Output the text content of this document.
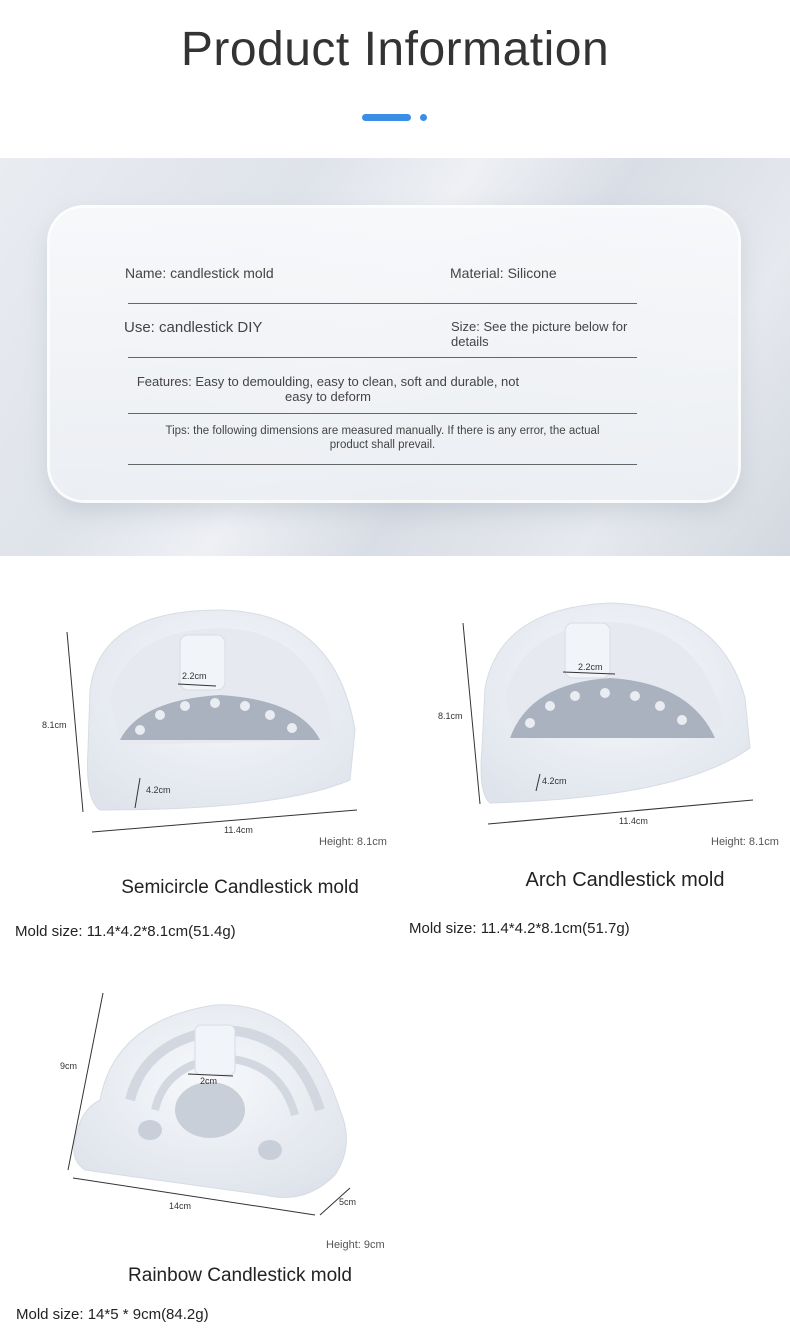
Product Information
Name: candlestick mold	Material: Silicone
Use: candlestick DIY	Size: See the picture below for
details
Features: Easy to demoulding, easy to clean, soft and durable, not
easy to deform
Tips: the following dimensions are measured manually. If there is any error, the actual
product shall prevail.
2.2cm
4.2cm
8.1cm
11.4cm
Height: 8.1cm
Semicircle Candlestick mold
Mold size: 11.4*4.2*8.1cm(51.4g)
2.2cm
4.2cm
8.1cm
11.4cm
Height: 8.1cm
Arch Candlestick mold
Mold size: 11.4*4.2*8.1cm(51.7g)
2cm
9cm
14cm	5cm
Height: 9cm
Rainbow Candlestick mold
Mold size: 14*5 * 9cm(84.2g)
